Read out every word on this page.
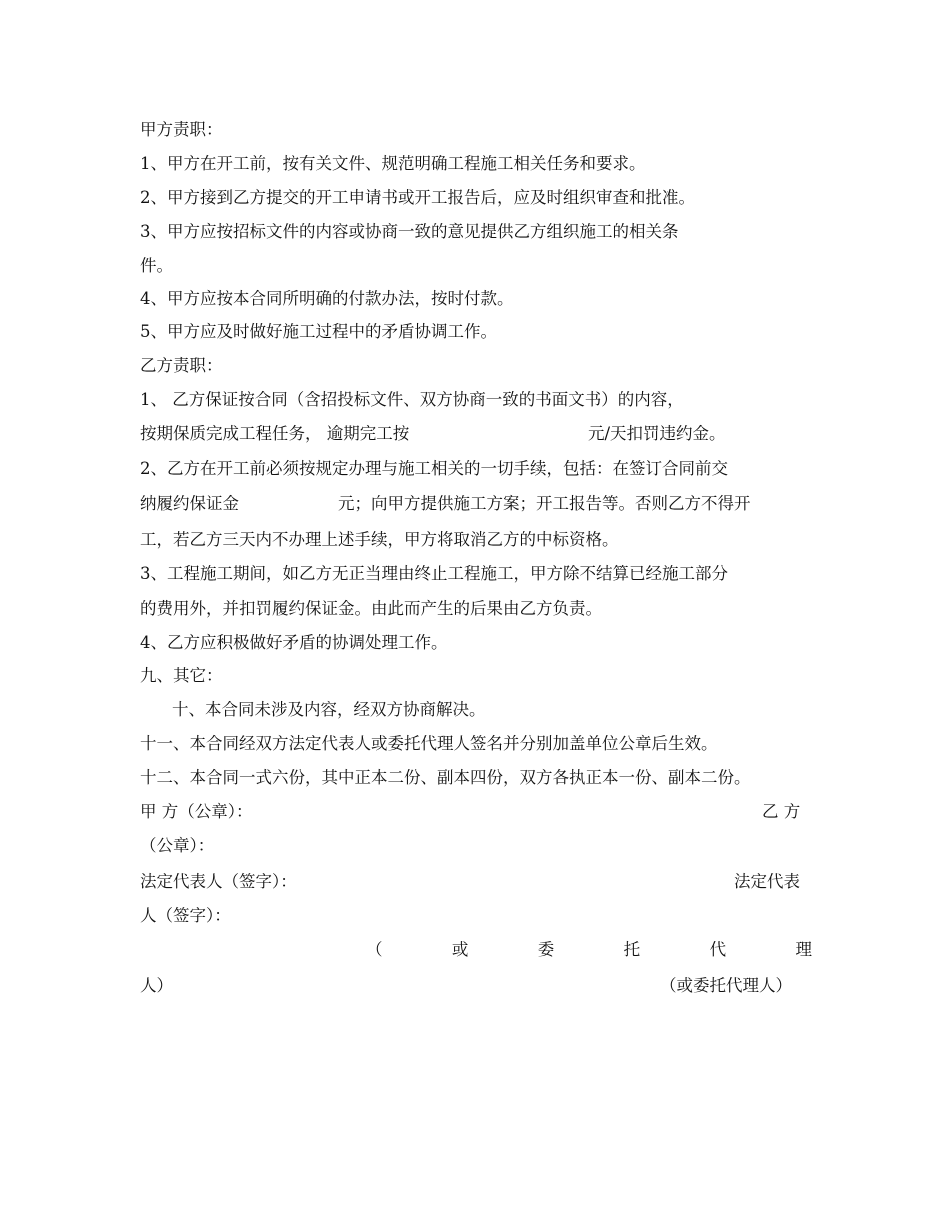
甲方责职：
1、甲方在开工前，按有关文件、规范明确工程施工相关任务和要求。
2、甲方接到乙方提交的开工申请书或开工报告后，应及时组织审查和批准。
3、甲方应按招标文件的内容或协商一致的意见提供乙方组织施工的相关条
件。
4、甲方应按本合同所明确的付款办法，按时付款。
5、甲方应及时做好施工过程中的矛盾协调工作。
乙方责职：
1、 乙方保证按合同（含招投标文件、双方协商一致的书面文书）的内容，
按期保质完成工程任务， 逾期完工按	元/天扣罚违约金。
2、乙方在开工前必须按规定办理与施工相关的一切手续，包括：在签订合同前交
纳履约保证金	元；向甲方提供施工方案；开工报告等。否则乙方不得开
工，若乙方三天内不办理上述手续，甲方将取消乙方的中标资格。
3、工程施工期间，如乙方无正当理由终止工程施工，甲方除不结算已经施工部分
的费用外，并扣罚履约保证金。由此而产生的后果由乙方负责。
4、乙方应积极做好矛盾的协调处理工作。
九、其它：
十、本合同未涉及内容，经双方协商解决。
十一、本合同经双方法定代表人或委托代理人签名并分别加盖单位公章后生效。
十二、本合同一式六份，其中正本二份、副本四份，双方各执正本一份、副本二份。
甲 方（公章）：	乙 方
（公章）：
法定代表人（签字）：	法定代表
人（签字）：
（	或	委	托	代	理
人）	（或委托代理人）
